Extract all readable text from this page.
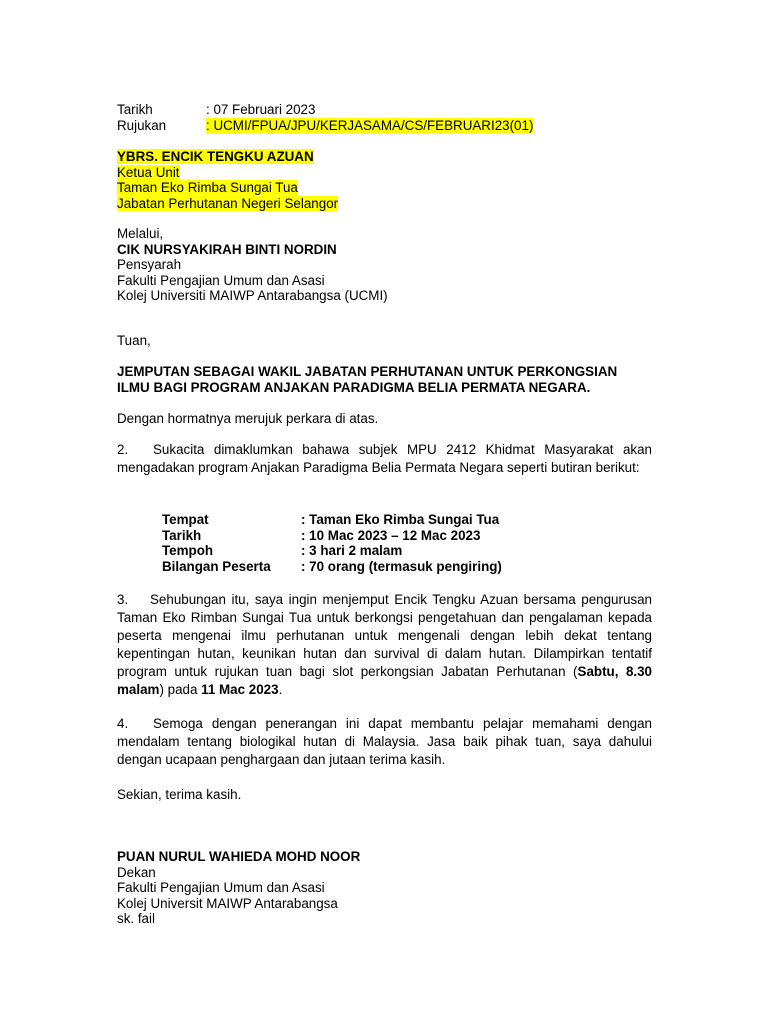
Tarikh	: 07 Februari 2023
Rujukan	: UCMI/FPUA/JPU/KERJASAMA/CS/FEBRUARI23(01)
YBRS. ENCIK TENGKU AZUAN
Ketua Unit
Taman Eko Rimba Sungai Tua
Jabatan Perhutanan Negeri Selangor
Melalui,
CIK NURSYAKIRAH BINTI NORDIN
Pensyarah
Fakulti Pengajian Umum dan Asasi
Kolej Universiti MAIWP Antarabangsa (UCMI)
Tuan,
JEMPUTAN SEBAGAI WAKIL JABATAN PERHUTANAN UNTUK PERKONGSIAN
ILMU BAGI PROGRAM ANJAKAN PARADIGMA BELIA PERMATA NEGARA.
Dengan hormatnya merujuk perkara di atas.
2. Sukacita dimaklumkan bahawa subjek MPU 2412 Khidmat Masyarakat akan mengadakan program Anjakan Paradigma Belia Permata Negara seperti butiran berikut:
Tempat	: Taman Eko Rimba Sungai Tua
Tarikh	: 10 Mac 2023 – 12 Mac 2023
Tempoh	: 3 hari 2 malam
Bilangan Peserta : 70 orang (termasuk pengiring)
3. Sehubungan itu, saya ingin menjemput Encik Tengku Azuan bersama pengurusan Taman Eko Rimban Sungai Tua untuk berkongsi pengetahuan dan pengalaman kepada peserta mengenai ilmu perhutanan untuk mengenali dengan lebih dekat tentang kepentingan hutan, keunikan hutan dan survival di dalam hutan. Dilampirkan tentatif program untuk rujukan tuan bagi slot perkongsian Jabatan Perhutanan (Sabtu, 8.30 malam) pada 11 Mac 2023.
4. Semoga dengan penerangan ini dapat membantu pelajar memahami dengan mendalam tentang biologikal hutan di Malaysia. Jasa baik pihak tuan, saya dahului dengan ucapaan penghargaan dan jutaan terima kasih.
Sekian, terima kasih.
PUAN NURUL WAHIEDA MOHD NOOR
Dekan
Fakulti Pengajian Umum dan Asasi
Kolej Universit MAIWP Antarabangsa
sk. fail
